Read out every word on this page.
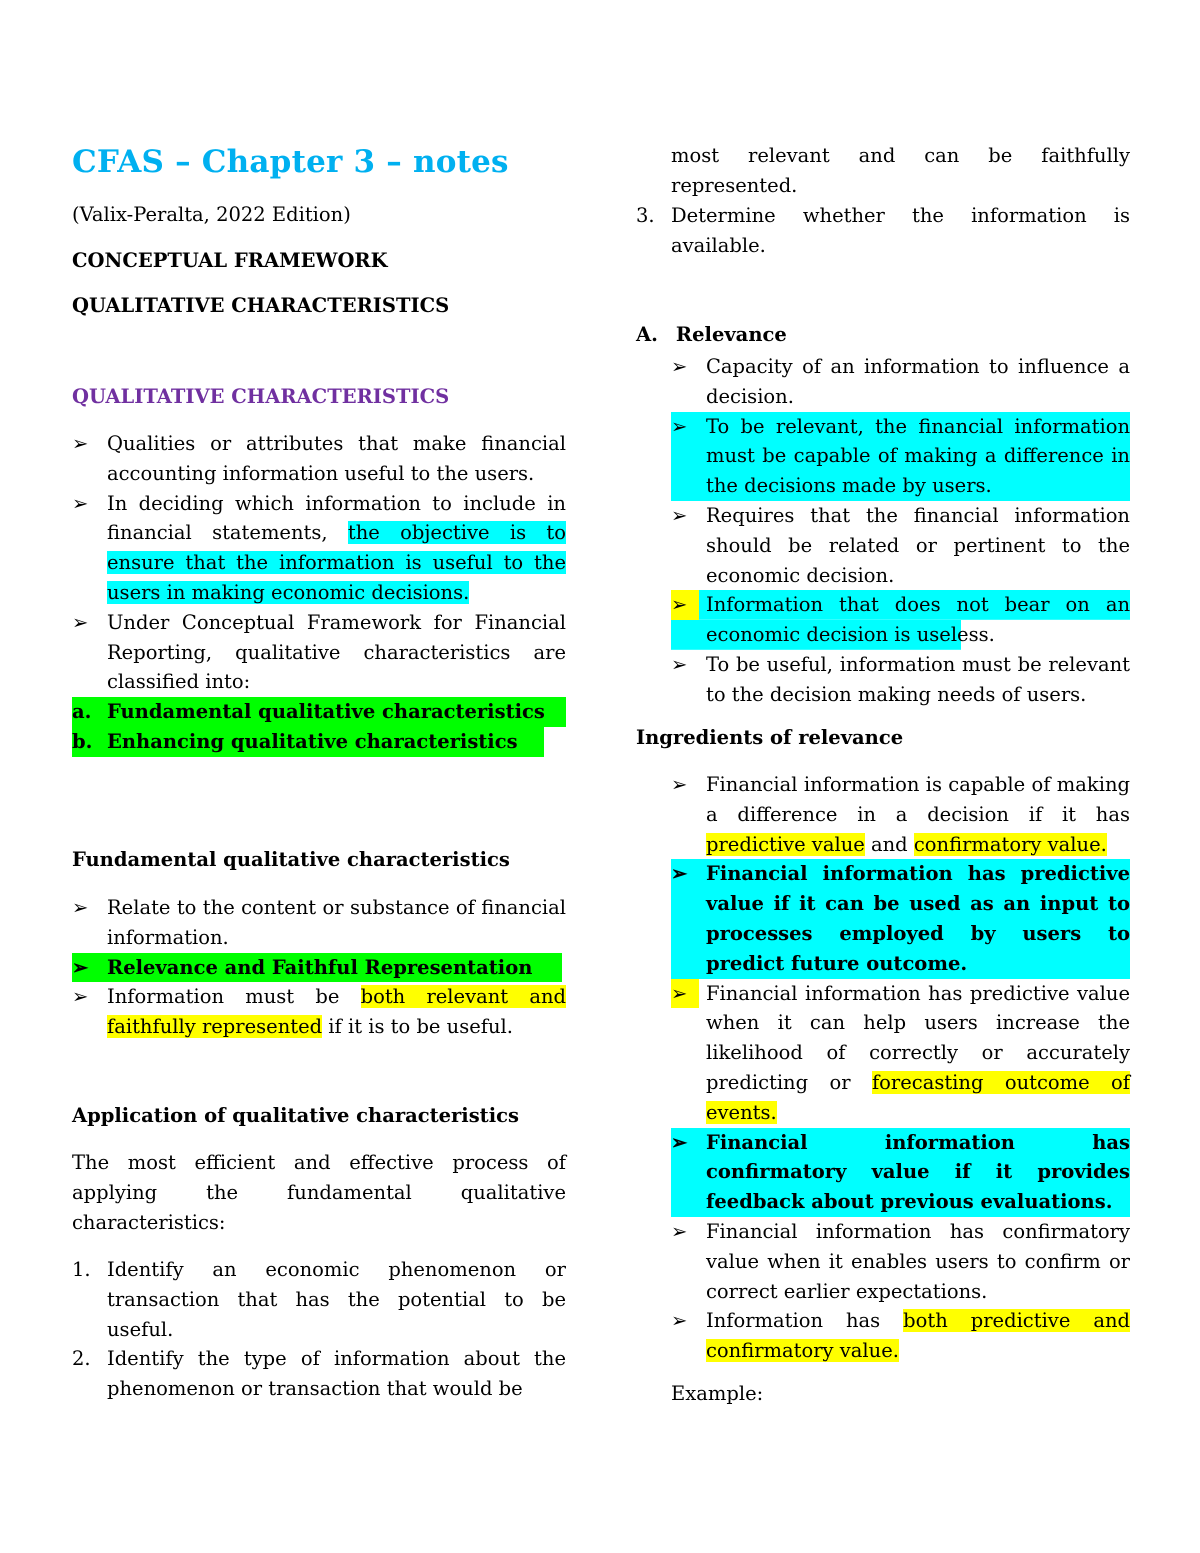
CFAS – Chapter 3 – notes
(Valix-Peralta, 2022 Edition)
CONCEPTUAL FRAMEWORK
QUALITATIVE CHARACTERISTICS
QUALITATIVE CHARACTERISTICS
➢ Qualities or attributes that make financial accounting information useful to the users.
➢ In deciding which information to include in financial statements, the objective is to ensure that the information is useful to the users in making economic decisions.
➢ Under Conceptual Framework for Financial Reporting, qualitative characteristics are classified into:
a. Fundamental qualitative characteristics
b. Enhancing qualitative characteristics
Fundamental qualitative characteristics
➢ Relate to the content or substance of financial information.
➢ Relevance and Faithful Representation
➢ Information must be both relevant and faithfully represented if it is to be useful.
Application of qualitative characteristics
The most efficient and effective process of applying the fundamental qualitative characteristics:
1. Identify an economic phenomenon or transaction that has the potential to be useful.
2. Identify the type of information about the phenomenon or transaction that would be
most relevant and can be faithfully represented.
3. Determine whether the information is available.
A. Relevance
➢ Capacity of an information to influence a decision.
➢ To be relevant, the financial information must be capable of making a difference in the decisions made by users.
➢ Requires that the financial information should be related or pertinent to the economic decision.
➢ Information that does not bear on an economic decision is useless.
➢ To be useful, information must be relevant to the decision making needs of users.
Ingredients of relevance
➢ Financial information is capable of making a difference in a decision if it has predictive value and confirmatory value.
➢ Financial information has predictive value if it can be used as an input to processes employed by users to predict future outcome.
➢ Financial information has predictive value when it can help users increase the likelihood of correctly or accurately predicting or forecasting outcome of events.
➢ Financial information has confirmatory value if it provides feedback about previous evaluations.
➢ Financial information has confirmatory value when it enables users to confirm or correct earlier expectations.
➢ Information has both predictive and confirmatory value.
Example:
